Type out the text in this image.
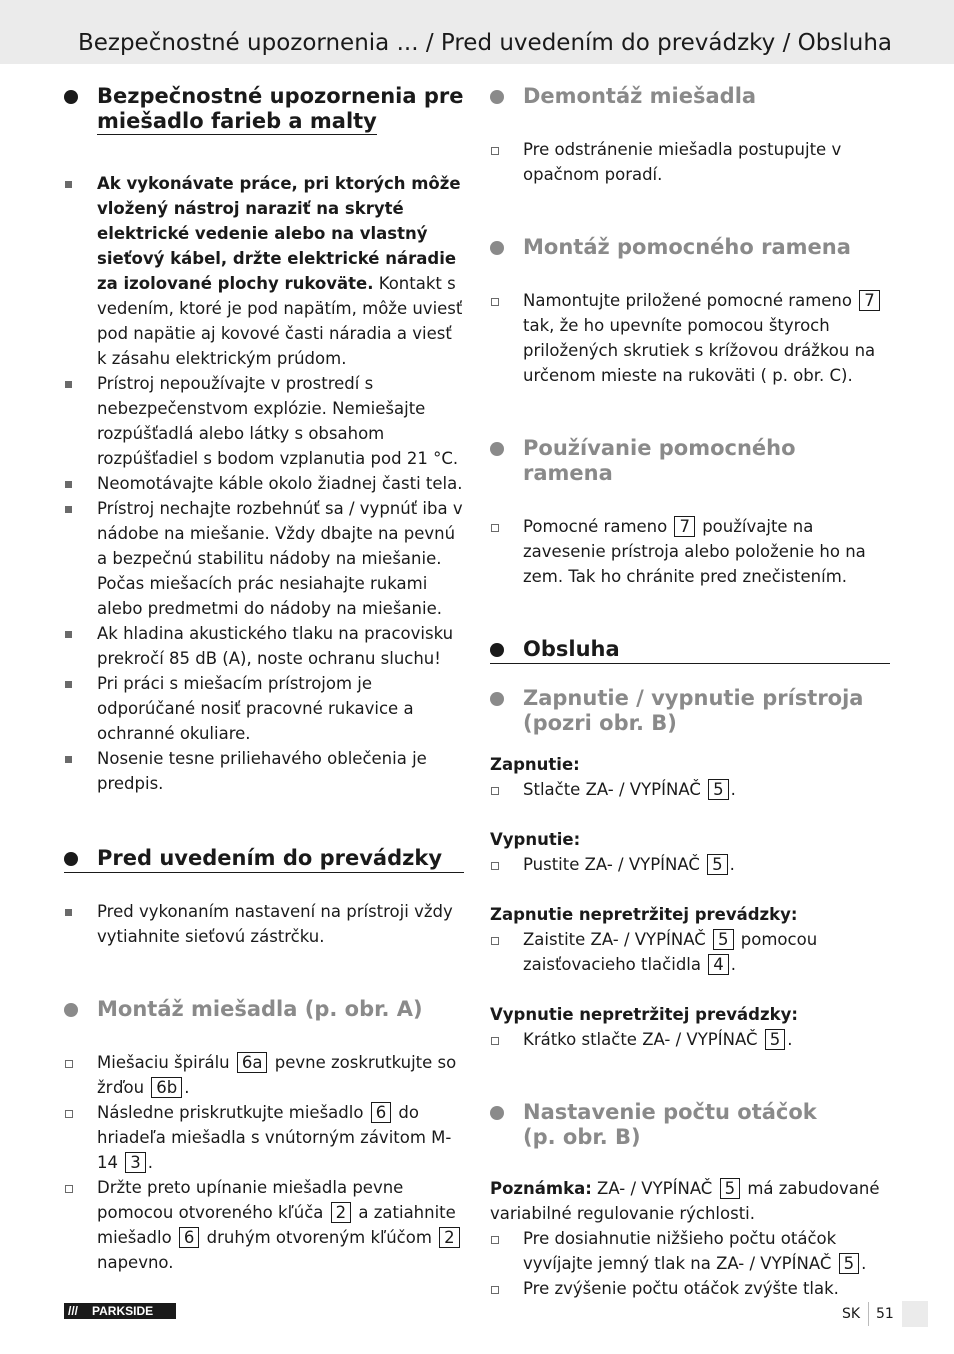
Bezpečnostné upozornenia ... / Pred uvedením do prevádzky / Obsluha
Bezpečnostné upozornenia pre
miešadlo farieb a malty
Ak vykonávate práce, pri ktorých môže vložený nástroj naraziť na skryté elektrické vedenie alebo na vlastný sieťový kábel, držte elektrické náradie za izolované plochy rukoväte. Kontakt s vedením, ktoré je pod napätím, môže uviesť pod napätie aj kovové časti náradia a viesť k zásahu elektrickým prúdom.
Prístroj nepoužívajte v prostredí s nebezpečenstvom explózie. Nemiešajte rozpúšťadlá alebo látky s obsahom rozpúšťadiel s bodom vzplanutia pod 21 °C.
Neomotávajte káble okolo žiadnej časti tela.
Prístroj nechajte rozbehnúť sa / vypnúť iba v nádobe na miešanie. Vždy dbajte na pevnú a bezpečnú stabilitu nádoby na miešanie. Počas miešacích prác nesiahajte rukami alebo predmetmi do nádoby na miešanie.
Ak hladina akustického tlaku na pracovisku prekročí 85 dB (A), noste ochranu sluchu!
Pri práci s miešacím prístrojom je odporúčané nosiť pracovné rukavice a ochranné okuliare.
Nosenie tesne priliehavého oblečenia je predpis.
Pred uvedením do prevádzky
Pred vykonaním nastavení na prístroji vždy vytiahnite sieťovú zástrčku.
Montáž miešadla (p. obr. A)
Miešaciu špirálu 6a pevne zoskrutkujte so žrďou 6b .
Následne priskrutkujte miešadlo 6 do hriadeľa miešadla s vnútorným závitom M-14 3 .
Držte preto upínanie miešadla pevne pomocou otvoreného kľúča 2 a zatiahnite miešadlo 6 druhým otvoreným kľúčom 2 napevno.
Demontáž miešadla
Pre odstránenie miešadla postupujte v opačnom poradí.
Montáž pomocného ramena
Namontujte priložené pomocné rameno 7 tak, že ho upevníte pomocou štyroch priložených skrutiek s krížovou drážkou na určenom mieste na rukoväti ( p. obr. C).
Používanie pomocného ramena
Pomocné rameno 7 používajte na zavesenie prístroja alebo položenie ho na zem. Tak ho chránite pred znečistením.
Obsluha
Zapnutie / vypnutie prístroja
(pozri obr. B)
Zapnutie:
Stlačte ZA- / VYPÍNAČ 5 .
Vypnutie:
Pustite ZA- / VYPÍNAČ 5 .
Zapnutie nepretržitej prevádzky:
Zaistite ZA- / VYPÍNAČ 5 pomocou zaisťovacieho tlačidla 4 .
Vypnutie nepretržitej prevádzky:
Krátko stlačte ZA- / VYPÍNAČ 5 .
Nastavenie počtu otáčok
(p. obr. B)
Poznámka: ZA- / VYPÍNAČ 5 má zabudované variabilné regulovanie rýchlosti.
Pre dosiahnutie nižšieho počtu otáčok vyvíjajte jemný tlak na ZA- / VYPÍNAČ 5 .
Pre zvýšenie počtu otáčok zvýšte tlak.
/// PARKSIDE	SK 51
